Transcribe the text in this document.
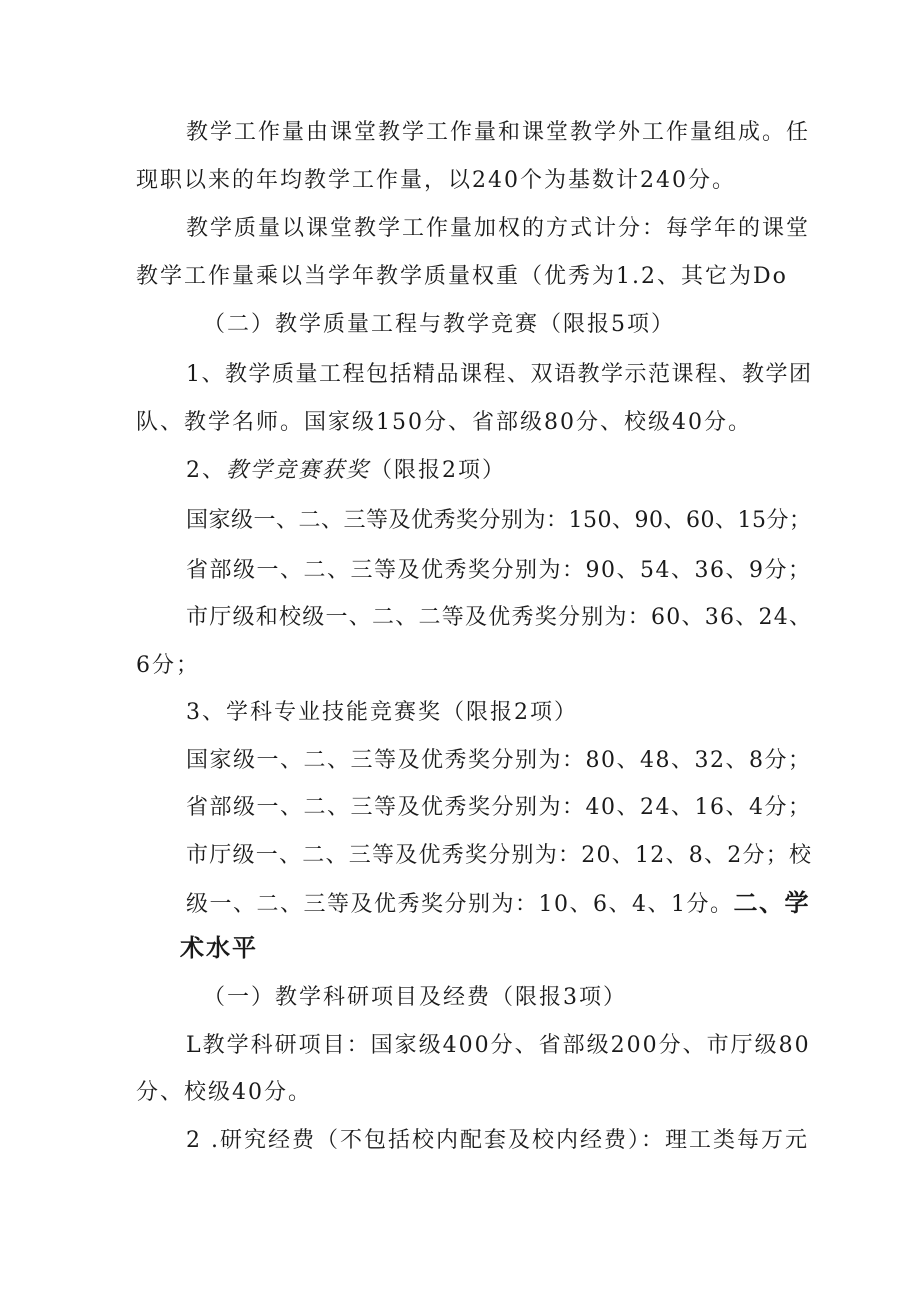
教学工作量由课堂教学工作量和课堂教学外工作量组成。任
现职以来的年均教学工作量，以240个为基数计240分。
教学质量以课堂教学工作量加权的方式计分：每学年的课堂
教学工作量乘以当学年教学质量权重（优秀为1.2、其它为Do
（二）教学质量工程与教学竞赛（限报5项）
1、教学质量工程包括精品课程、双语教学示范课程、教学团
队、教学名师。国家级150分、省部级80分、校级40分。
2、教学竞赛获奖（限报2项）
国家级一、二、三等及优秀奖分别为：150、90、60、15分；
省部级一、二、三等及优秀奖分别为：90、54、36、9分；
市厅级和校级一、二、二等及优秀奖分别为：60、36、24、
6分；
3、学科专业技能竞赛奖（限报2项）
国家级一、二、三等及优秀奖分别为：80、48、32、8分；
省部级一、二、三等及优秀奖分别为：40、24、16、4分；
市厅级一、二、三等及优秀奖分别为：20、12、8、2分；校
级一、二、三等及优秀奖分别为：10、6、4、1分。二、学
术水平
（一）教学科研项目及经费（限报3项）
L教学科研项目：国家级400分、省部级200分、市厅级80
分、校级40分。
2 .研究经费（不包括校内配套及校内经费）：理工类每万元
